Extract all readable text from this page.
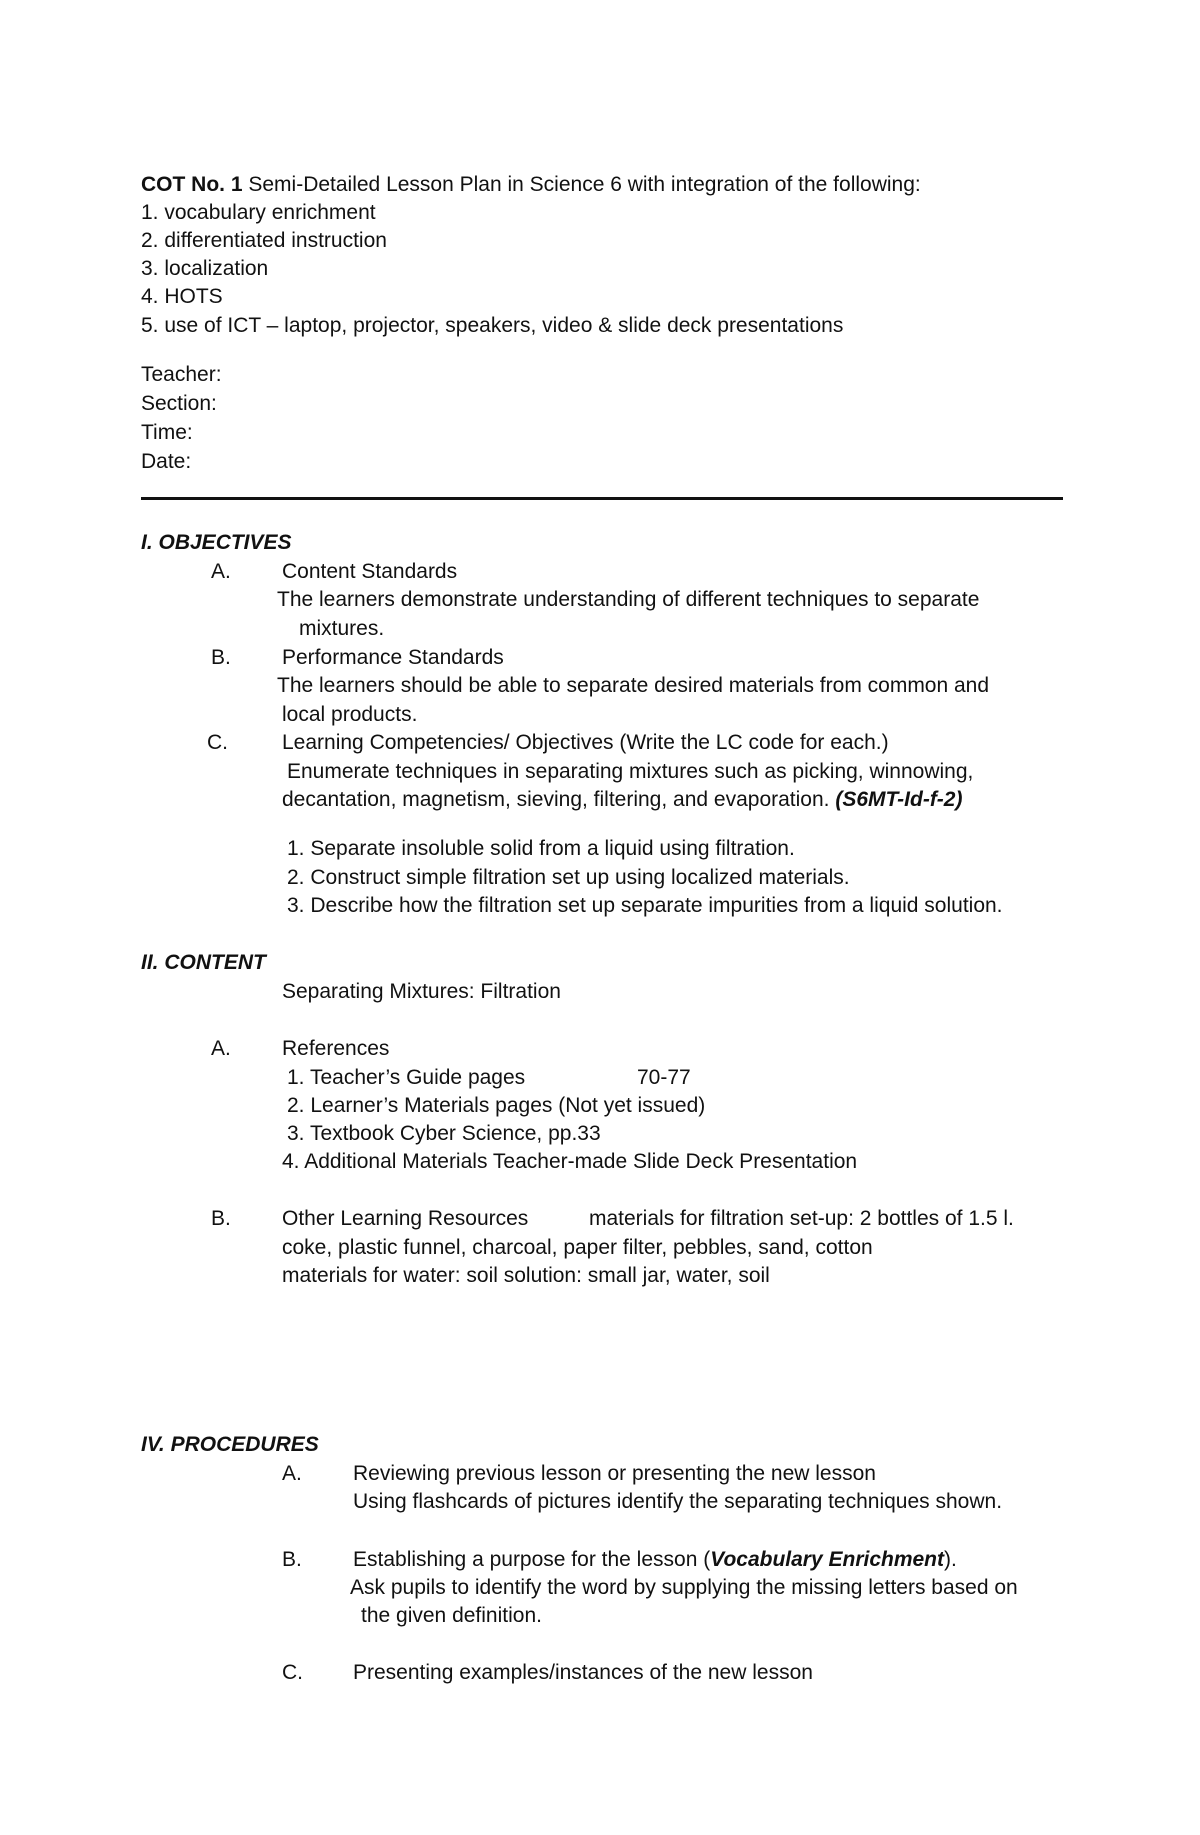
COT No. 1 Semi-Detailed Lesson Plan in Science 6 with integration of the following:

1. vocabulary enrichment

2. differentiated instruction

3. localization

4. HOTS

5. use of ICT – laptop, projector, speakers, video & slide deck presentations

Teacher:

Section:

Time:

Date:

I. OBJECTIVES

A. Content Standards

The learners demonstrate understanding of different techniques to separate

mixtures.

B. Performance Standards

The learners should be able to separate desired materials from common and

local products.

C.	Learning Competencies/ Objectives (Write the LC code for each.)

Enumerate techniques in separating mixtures such as picking, winnowing,

decantation, magnetism, sieving, filtering, and evaporation. (S6MT-Id-f-2)

1. Separate insoluble solid from a liquid using filtration.

2. Construct simple filtration set up using localized materials.

3. Describe how the filtration set up separate impurities from a liquid solution.

II. CONTENT

Separating Mixtures: Filtration

A. References

1. Teacher’s Guide pages	70-77

2. Learner’s Materials pages (Not yet issued)

3. Textbook Cyber Science, pp.33

4. Additional Materials Teacher-made Slide Deck Presentation

B. Other Learning Resources	materials for filtration set-up: 2 bottles of 1.5 l.

coke, plastic funnel, charcoal, paper filter, pebbles, sand, cotton

materials for water: soil solution: small jar, water, soil

IV. PROCEDURES

A. Reviewing previous lesson or presenting the new lesson

Using flashcards of pictures identify the separating techniques shown.

B. Establishing a purpose for the lesson (Vocabulary Enrichment).

Ask pupils to identify the word by supplying the missing letters based on

the given definition.

C. Presenting examples/instances of the new lesson
